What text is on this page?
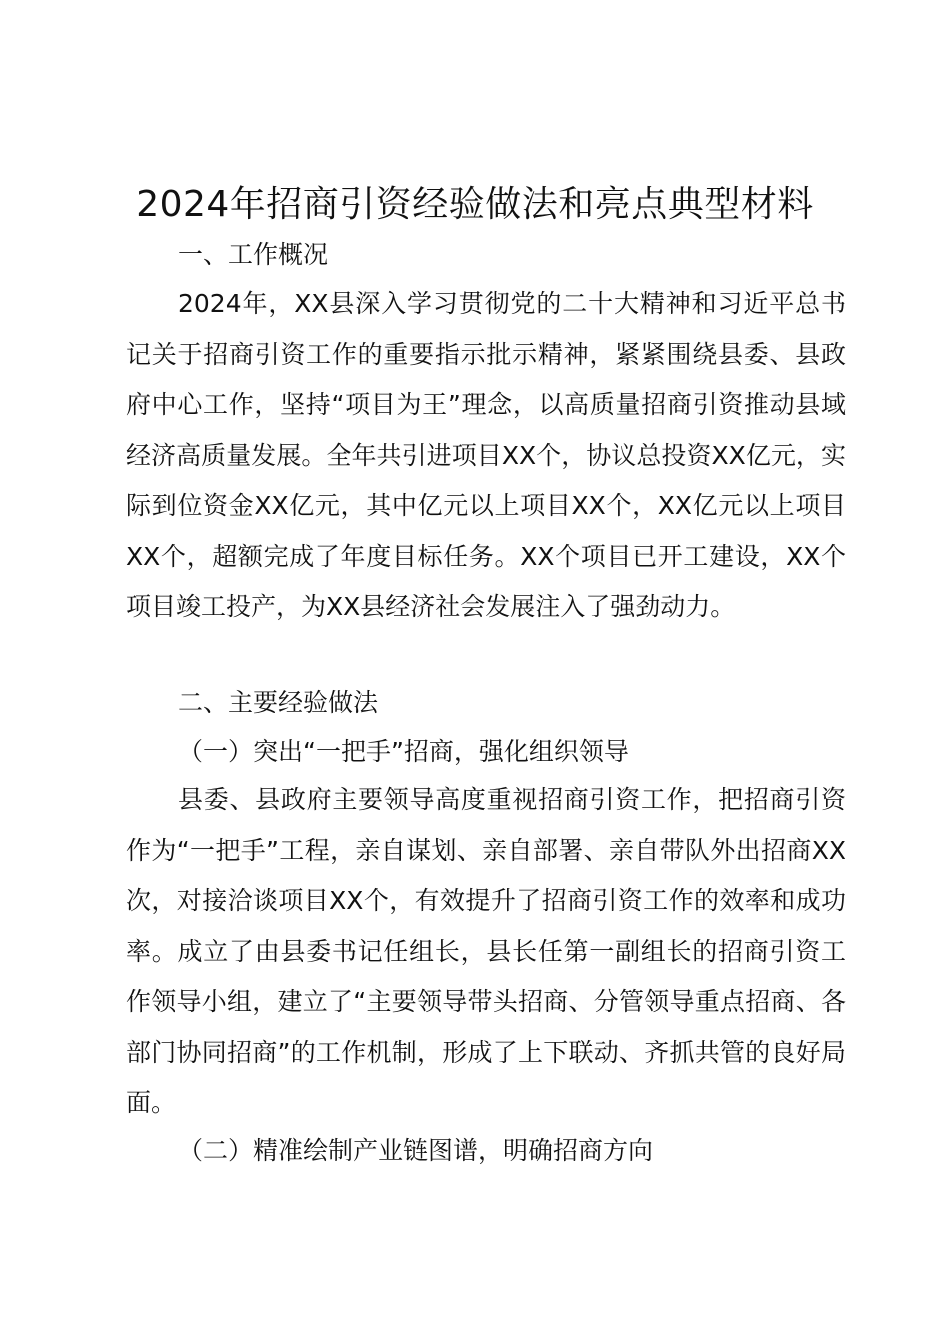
2024年招商引资经验做法和亮点典型材料
一、工作概况

2024年，XX县深入学习贯彻党的二十大精神和习近平总书记关于招商引资工作的重要指示批示精神，紧紧围绕县委、县政府中心工作，坚持“项目为王”理念，以高质量招商引资推动县域经济高质量发展。全年共引进项目XX个，协议总投资XX亿元，实际到位资金XX亿元，其中亿元以上项目XX个，XX亿元以上项目XX个，超额完成了年度目标任务。XX个项目已开工建设，XX个项目竣工投产，为XX县经济社会发展注入了强劲动力。

二、主要经验做法
（一）突出“一把手”招商，强化组织领导

县委、县政府主要领导高度重视招商引资工作，把招商引资作为“一把手”工程，亲自谋划、亲自部署、亲自带队外出招商XX次，对接洽谈项目XX个，有效提升了招商引资工作的效率和成功率。成立了由县委书记任组长，县长任第一副组长的招商引资工作领导小组，建立了“主要领导带头招商、分管领导重点招商、各部门协同招商”的工作机制，形成了上下联动、齐抓共管的良好局面。

（二）精准绘制产业链图谱，明确招商方向
